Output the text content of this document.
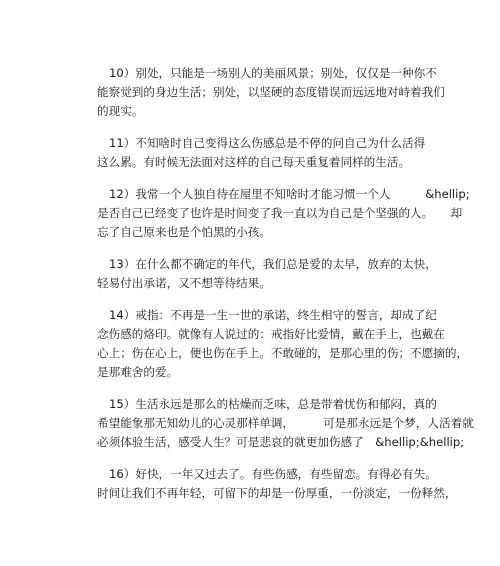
10）别处，只能是一场别人的美丽风景；别处，仅仅是一种你不
能察觉到的身边生活；别处，以坚硬的态度错误而远远地对峙着我们
的现实。
11）不知啥时自己变得这么伤感总是不停的问自己为什么活得
这么累。有时候无法面对这样的自己每天重复着同样的生活。
12）我常一个人独自待在屋里不知啥时才能习惯一个人　　　&hellip;
是否自己已经变了也许是时间变了我一直以为自己是个坚强的人。　　却
忘了自己原来也是个怕黑的小孩。
13）在什么都不确定的年代，我们总是爱的太早，放弃的太快，
轻易付出承诺，又不想等待结果。
14）戒指：不再是一生一世的承诺，终生相守的誓言，却成了纪
念伤感的烙印。就像有人说过的：戒指好比爱情，戴在手上，也戴在
心上；伤在心上，便也伤在手上。不敢碰的，是那心里的伤；不愿摘的，
是那难舍的爱。
15）生活永远是那么的枯燥而乏味，总是带着忧伤和郁闷，真的
希望能象那无知幼儿的心灵那样单调，　　　可是那永远是个梦，人活着就
必须体验生活，感受人生？可是悲哀的就更加伤感了　&hellip;&hellip;
16）好快，一年又过去了。有些伤感，有些留恋。有得必有失。
时间让我们不再年轻，可留下的却是一份厚重，一份淡定，一份释然，
